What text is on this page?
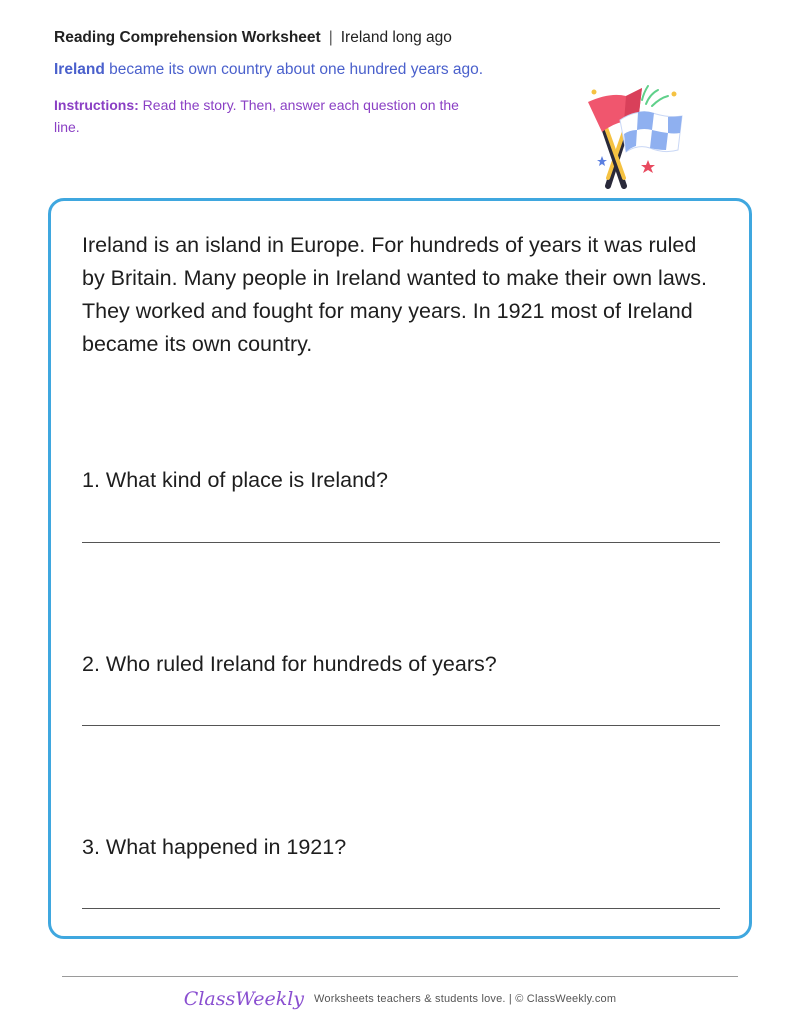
Reading Comprehension Worksheet | Ireland long ago
Ireland became its own country about one hundred years ago.
Instructions: Read the story. Then, answer each question on the line.

Ireland is an island in Europe. For hundreds of years it was ruled by Britain. Many people in Ireland wanted to make their own laws. They worked and fought for many years. In 1921 most of Ireland became its own country.

1. What kind of place is Ireland?
2. Who ruled Ireland for hundreds of years?
3. What happened in 1921?
ClassWeekly Worksheets teachers & students love. | © ClassWeekly.com
